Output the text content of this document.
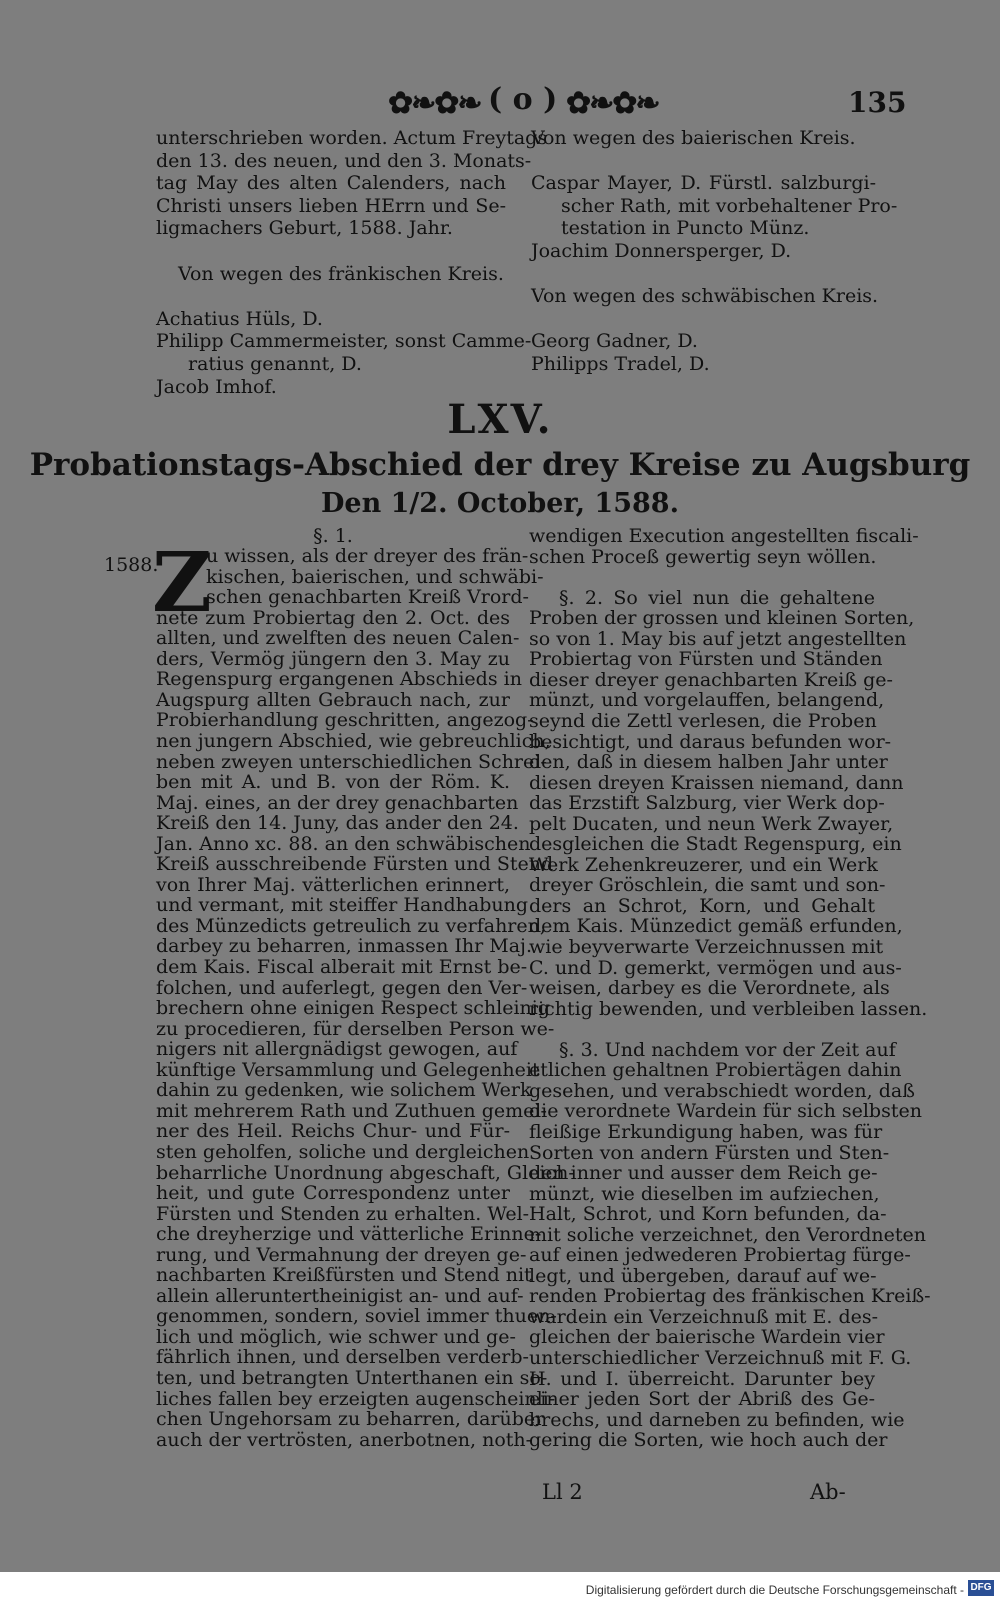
✿❧✿❧ ( o ) ✿❧✿❧	135
unterschrieben worden. Actum Freytags
den 13. des neuen, und den 3. Monats-
tag May des alten Calenders, nach
Christi unsers lieben HErrn und Se-
ligmachers Geburt, 1588. Jahr.
Von wegen des fränkischen Kreis.
Achatius Hüls, D.
Philipp Cammermeister, sonst Camme-
ratius genannt, D.
Jacob Imhof.
Von wegen des baierischen Kreis.
Caspar Mayer, D. Fürstl. salzburgi-
scher Rath, mit vorbehaltener Pro-
testation in Puncto Münz.
Joachim Donnersperger, D.
Von wegen des schwäbischen Kreis.
Georg Gadner, D.
Philipps Tradel, D.
LXV.
Probationstags-Abschied der drey Kreise zu Augsburg
Den 1/2. October, 1588.
1588.
Z	§. 1.
u wissen, als der dreyer des frän-
kischen, baierischen, und schwäbi-
schen genachbarten Kreiß Vrord-
nete zum Probiertag den 2. Oct. des
allten, und zwelften des neuen Calen-
ders, Vermög jüngern den 3. May zu
Regenspurg ergangenen Abschieds in
Augspurg allten Gebrauch nach, zur
Probierhandlung geschritten, angezog-
nen jungern Abschied, wie gebreuchlich,
neben zweyen unterschiedlichen Schrei-
ben mit A. und B. von der Röm. K.
Maj. eines, an der drey genachbarten
Kreiß den 14. Juny, das ander den 24.
Jan. Anno xc. 88. an den schwäbischen
Kreiß ausschreibende Fürsten und Stend
von Ihrer Maj. vätterlichen erinnert,
und vermant, mit steiffer Handhabung
des Münzedicts getreulich zu verfahren,
darbey zu beharren, inmassen Ihr Maj.
dem Kais. Fiscal alberait mit Ernst be-
folchen, und auferlegt, gegen den Ver-
brechern ohne einigen Respect schleinig
zu procedieren, für derselben Person we-
nigers nit allergnädigst gewogen, auf
künftige Versammlung und Gelegenheit
dahin zu gedenken, wie solichem Werk
mit mehrerem Rath und Zuthuen gemei-
ner des Heil. Reichs Chur- und Für-
sten geholfen, soliche und dergleichen
beharrliche Unordnung abgeschaft, Gleich-
heit, und gute Correspondenz unter
Fürsten und Stenden zu erhalten. Wel-
che dreyherzige und vätterliche Erinne-
rung, und Vermahnung der dreyen ge-
nachbarten Kreißfürsten und Stend nit
allein alleruntertheinigist an- und auf-
genommen, sondern, soviel immer thuen-
lich und möglich, wie schwer und ge-
fährlich ihnen, und derselben verderb-
ten, und betrangten Unterthanen ein so-
liches fallen bey erzeigten augenscheinli-
chen Ungehorsam zu beharren, darüber
auch der vertrösten, anerbotnen, noth-
wendigen Execution angestellten fiscali-
schen Proceß gewertig seyn wöllen.
§. 2. So viel nun die gehaltene
Proben der grossen und kleinen Sorten,
so von 1. May bis auf jetzt angestellten
Probiertag von Fürsten und Ständen
dieser dreyer genachbarten Kreiß ge-
münzt, und vorgelauffen, belangend,
seynd die Zettl verlesen, die Proben
besichtigt, und daraus befunden wor-
den, daß in diesem halben Jahr unter
diesen dreyen Kraissen niemand, dann
das Erzstift Salzburg, vier Werk dop-
pelt Ducaten, und neun Werk Zwayer,
desgleichen die Stadt Regenspurg, ein
Werk Zehenkreuzerer, und ein Werk
dreyer Gröschlein, die samt und son-
ders an Schrot, Korn, und Gehalt
dem Kais. Münzedict gemäß erfunden,
wie beyverwarte Verzeichnussen mit
C. und D. gemerkt, vermögen und aus-
weisen, darbey es die Verordnete, als
richtig bewenden, und verbleiben lassen.
§. 3. Und nachdem vor der Zeit auf
etlichen gehaltnen Probiertägen dahin
gesehen, und verabschiedt worden, daß
die verordnete Wardein für sich selbsten
fleißige Erkundigung haben, was für
Sorten von andern Fürsten und Sten-
den inner und ausser dem Reich ge-
münzt, wie dieselben im aufziechen,
Halt, Schrot, und Korn befunden, da-
mit soliche verzeichnet, den Verordneten
auf einen jedwederen Probiertag fürge-
legt, und übergeben, darauf auf we-
renden Probiertag des fränkischen Kreiß-
wardein ein Verzeichnuß mit E. des-
gleichen der baierische Wardein vier
unterschiedlicher Verzeichnuß mit F. G.
H. und I. überreicht. Darunter bey
einer jeden Sort der Abriß des Ge-
brechs, und darneben zu befinden, wie
gering die Sorten, wie hoch auch der
Ll 2	Ab-
Digitalisierung gefördert durch die Deutsche Forschungsgemeinschaft - DFG
